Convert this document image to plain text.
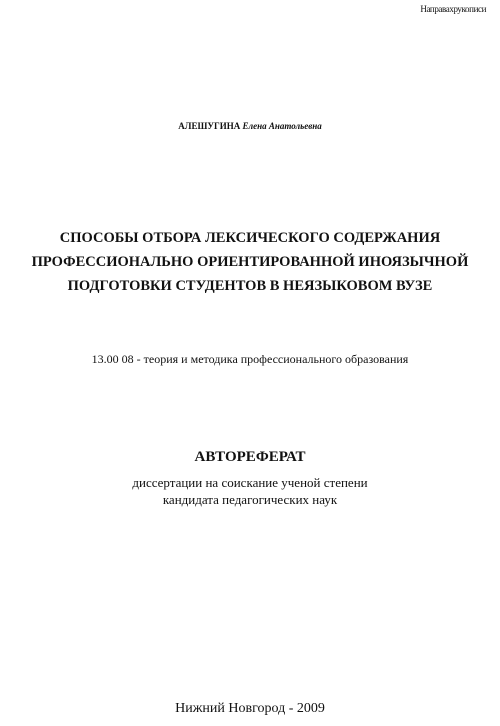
Направахрукописи
АЛЕШУГИНА Елена Анатольевна
СПОСОБЫ ОТБОРА ЛЕКСИЧЕСКОГО СОДЕРЖАНИЯ
ПРОФЕССИОНАЛЬНО ОРИЕНТИРОВАННОЙ ИНОЯЗЫЧНОЙ
ПОДГОТОВКИ СТУДЕНТОВ В НЕЯЗЫКОВОМ ВУЗЕ
13.00 08 - теория и методика профессионального образования
АВТОРЕФЕРАТ
диссертации на соискание ученой степени
кандидата педагогических наук
Нижний Новгород - 2009
